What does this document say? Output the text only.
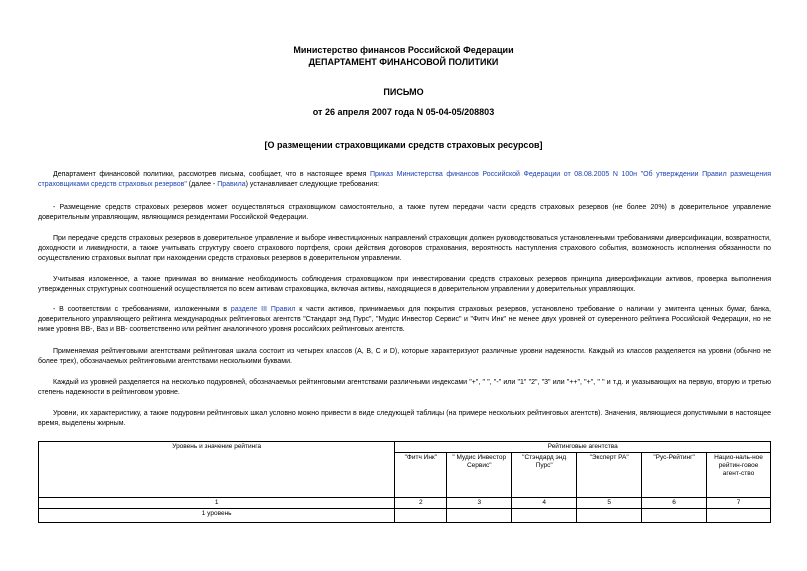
Министерство финансов Российской Федерации
ДЕПАРТАМЕНТ ФИНАНСОВОЙ ПОЛИТИКИ
ПИСЬМО
от 26 апреля 2007 года N 05-04-05/208803
[О размещении страховщиками средств страховых ресурсов]
Департамент финансовой политики, рассмотрев письма, сообщает, что в настоящее время Приказ Министерства финансов Российской Федерации от 08.08.2005 N 100н "Об утверждении Правил размещения страховщиками средств страховых резервов" (далее - Правила) устанавливает следующие требования:
- Размещение средств страховых резервов может осуществляться страховщиком самостоятельно, а также путем передачи части средств страховых резервов (не более 20%) в доверительное управление доверительным управляющим, являющимся резидентами Российской Федерации.
При передаче средств страховых резервов в доверительное управление и выборе инвестиционных направлений страховщик должен руководствоваться установленными требованиями диверсификации, возвратности, доходности и ликвидности, а также учитывать структуру своего страхового портфеля, сроки действия договоров страхования, вероятность наступления страхового события, возможность исполнения обязанности по осуществлению страховых выплат при нахождении средств страховых резервов в доверительном управлении.
Учитывая изложенное, а также принимая во внимание необходимость соблюдения страховщиком при инвестировании средств страховых резервов принципа диверсификации активов, проверка выполнения утвержденных структурных соотношений осуществляется по всем активам страховщика, включая активы, находящиеся в доверительном управлении у доверительных управляющих.
- В соответствии с требованиями, изложенными в разделе III Правил к части активов, принимаемых для покрытия страховых резервов, установлено требование о наличии у эмитента ценных бумаг, банка, доверительного управляющего рейтинга международных рейтинговых агентств "Стандарт энд Пурс", "Мудис Инвестор Сервис" и "Фитч Инк" не менее двух уровней от суверенного рейтинга Российской Федерации, но не ниже уровня ВВ-, Ваз и ВВ- соответственно или рейтинг аналогичного уровня российских рейтинговых агентств.
Применяемая рейтинговыми агентствами рейтинговая шкала состоит из четырех классов (А, В, С и D), которые характеризуют различные уровни надежности. Каждый из классов разделяется на уровни (обычно не более трех), обозначаемых рейтинговыми агентствами несколькими буквами.
Каждый из уровней разделяется на несколько подуровней, обозначаемых рейтинговыми агентствами различными индексами "+", " ", "-" или "1" "2", "3" или "++", "+", " " и т.д. и указывающих на первую, вторую и третью степень надежности в рейтинговом уровне.
Уровни, их характеристику, а также подуровни рейтинговых шкал условно можно привести в виде следующей таблицы (на примере нескольких рейтинговых агентств). Значения, являющиеся допустимыми в настоящее время, выделены жирным.
Уровень и значение рейтинга	Рейтинговые агентства					
	"Фитч Инк"	" Мудис Инвестор Сервис"	"Стэндард энд Пурс"	"Эксперт РА"	"Рус-Рейтинг"	Нацио-наль-ное рейтин-говое агент-ство
1	2	3	4	5	6	7
1 уровень						
